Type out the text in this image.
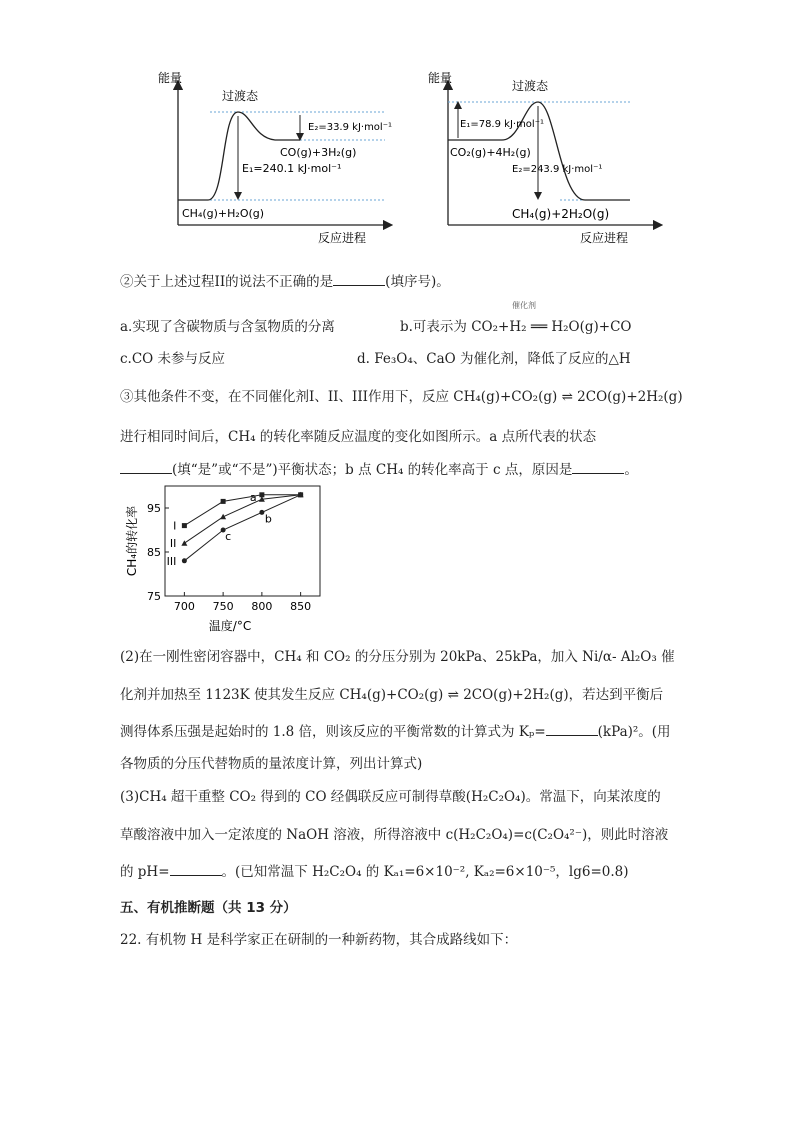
能量
反应进程
过渡态
E₂=33.9 kJ·mol⁻¹
CO(g)+3H₂(g)
E₁=240.1 kJ·mol⁻¹
CH₄(g)+H₂O(g)
能量
反应进程
过渡态
E₁=78.9 kJ·mol⁻¹
CO₂(g)+4H₂(g)
E₂=243.9 kJ·mol⁻¹
CH₄(g)+2H₂O(g)
②关于上述过程II的说法不正确的是	(填序号)。
催化剂
a.实现了含碳物质与含氢物质的分离	b.可表示为 CO₂+H₂ ══ H₂O(g)+CO
c.CO 未参与反应	d. Fe₃O₄、CaO 为催化剂，降低了反应的△H
③其他条件不变，在不同催化剂I、II、III作用下，反应 CH₄(g)+CO₂(g) ⇌ 2CO(g)+2H₂(g)
进行相同时间后，CH₄ 的转化率随反应温度的变化如图所示。a 点所代表的状态
(填“是”或“不是”)平衡状态；b 点 CH₄ 的转化率高于 c 点，原因是	。
700 750 800 850
75
85
95
I
II
III
a
b
c
温度/°C
CH₄的转化率
(2)在一刚性密闭容器中，CH₄ 和 CO₂ 的分压分别为 20kPa、25kPa，加入 Ni/α- Al₂O₃ 催
化剂并加热至 1123K 使其发生反应 CH₄(g)+CO₂(g) ⇌ 2CO(g)+2H₂(g)，若达到平衡后
测得体系压强是起始时的 1.8 倍，则该反应的平衡常数的计算式为 Kₚ=	(kPa)²。(用
各物质的分压代替物质的量浓度计算，列出计算式)
(3)CH₄ 超干重整 CO₂ 得到的 CO 经偶联反应可制得草酸(H₂C₂O₄)。常温下，向某浓度的
草酸溶液中加入一定浓度的 NaOH 溶液，所得溶液中 c(H₂C₂O₄)=c(C₂O₄²⁻)，则此时溶液
的 pH=	。(已知常温下 H₂C₂O₄ 的 Kₐ₁=6×10⁻², Kₐ₂=6×10⁻⁵，lg6=0.8)
五、有机推断题（共 13 分）
22. 有机物 H 是科学家正在研制的一种新药物，其合成路线如下：
